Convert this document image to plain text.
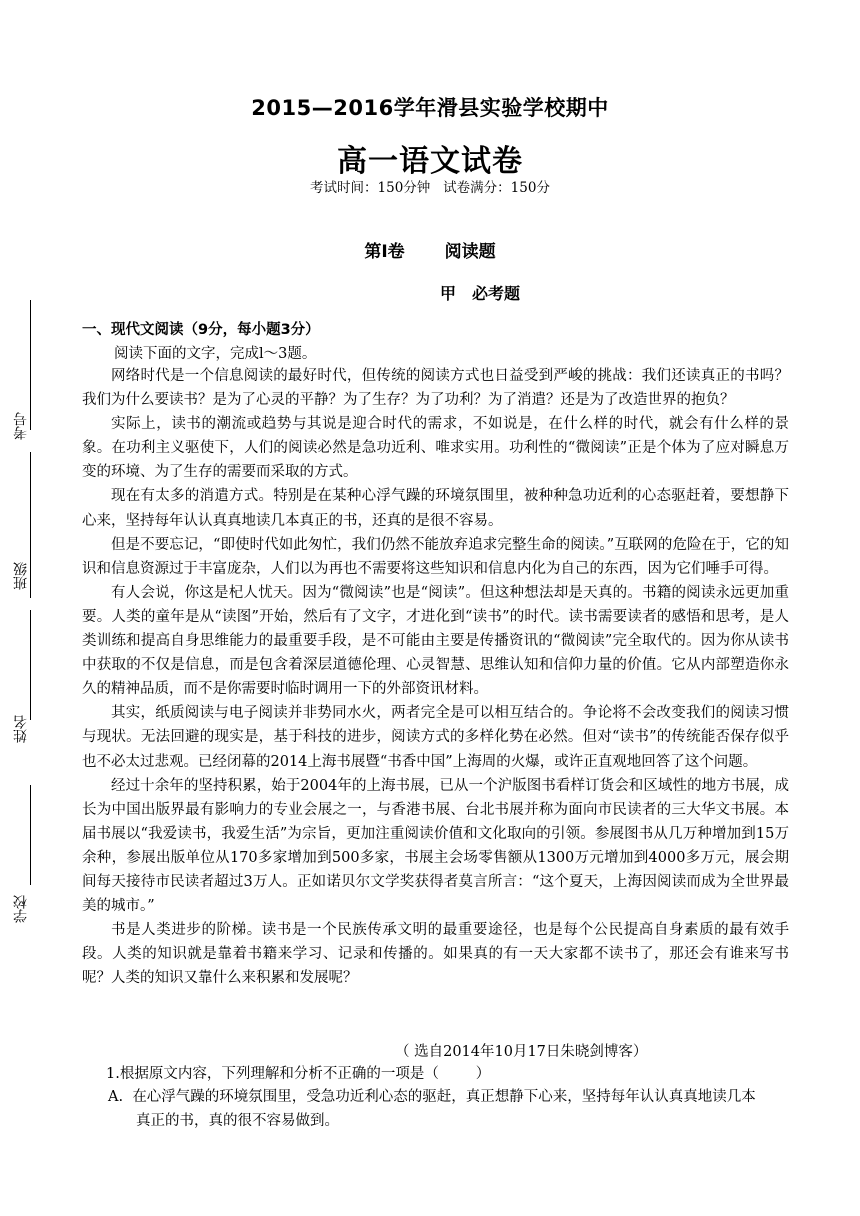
考号
班级
姓名
学校
2015—2016学年滑县实验学校期中
高一语文试卷
考试时间：150分钟   试卷满分：150分
第Ⅰ卷 阅读题
甲 必考题
一、现代文阅读（9分，每小题3分）
阅读下面的文字，完成l～3题。

网络时代是一个信息阅读的最好时代，但传统的阅读方式也日益受到严峻的挑战：我们还读真正的书吗？我们为什么要读书？是为了心灵的平静？为了生存？为了功利？为了消遣？还是为了改造世界的抱负？

实际上，读书的潮流或趋势与其说是迎合时代的需求，不如说是，在什么样的时代，就会有什么样的景象。在功利主义驱使下，人们的阅读必然是急功近利、唯求实用。功利性的“微阅读”正是个体为了应对瞬息万变的环境、为了生存的需要而采取的方式。

现在有太多的消遣方式。特别是在某种心浮气躁的环境氛围里，被种种急功近利的心态驱赶着，要想静下心来，坚持每年认认真真地读几本真正的书，还真的是很不容易。

但是不要忘记，“即使时代如此匆忙，我们仍然不能放弃追求完整生命的阅读。”互联网的危险在于，它的知识和信息资源过于丰富庞杂，人们以为再也不需要将这些知识和信息内化为自己的东西，因为它们唾手可得。

有人会说，你这是杞人忧天。因为“微阅读”也是“阅读”。但这种想法却是天真的。书籍的阅读永远更加重要。人类的童年是从“读图”开始，然后有了文字，才进化到“读书”的时代。读书需要读者的感悟和思考，是人类训练和提高自身思维能力的最重要手段，是不可能由主要是传播资讯的“微阅读”完全取代的。因为你从读书中获取的不仅是信息，而是包含着深层道德伦理、心灵智慧、思维认知和信仰力量的价值。它从内部塑造你永久的精神品质，而不是你需要时临时调用一下的外部资讯材料。

其实，纸质阅读与电子阅读并非势同水火，两者完全是可以相互结合的。争论将不会改变我们的阅读习惯与现状。无法回避的现实是，基于科技的进步，阅读方式的多样化势在必然。但对“读书”的传统能否保存似乎也不必太过悲观。已经闭幕的2014上海书展暨“书香中国”上海周的火爆，或许正直观地回答了这个问题。

经过十余年的坚持积累，始于2004年的上海书展，已从一个沪版图书看样订货会和区域性的地方书展，成长为中国出版界最有影响力的专业会展之一，与香港书展、台北书展并称为面向市民读者的三大华文书展。本届书展以“我爱读书，我爱生活”为宗旨，更加注重阅读价值和文化取向的引领。参展图书从几万种增加到15万余种，参展出版单位从170多家增加到500多家，书展主会场零售额从1300万元增加到4000多万元，展会期间每天接待市民读者超过3万人。正如诺贝尔文学奖获得者莫言所言：“这个夏天，上海因阅读而成为全世界最美的城市。”

书是人类进步的阶梯。读书是一个民族传承文明的最重要途径，也是每个公民提高自身素质的最有效手段。人类的知识就是靠着书籍来学习、记录和传播的。如果真的有一天大家都不读书了，那还会有谁来写书呢？人类的知识又靠什么来积累和发展呢？

（ 选自2014年10月17日朱晓剑博客）
1.根据原文内容，下列理解和分析不正确的一项是（        ）
A. 在心浮气躁的环境氛围里，受急功近利心态的驱赶，真正想静下心来，坚持每年认认真真地读几本
真正的书，真的很不容易做到。
